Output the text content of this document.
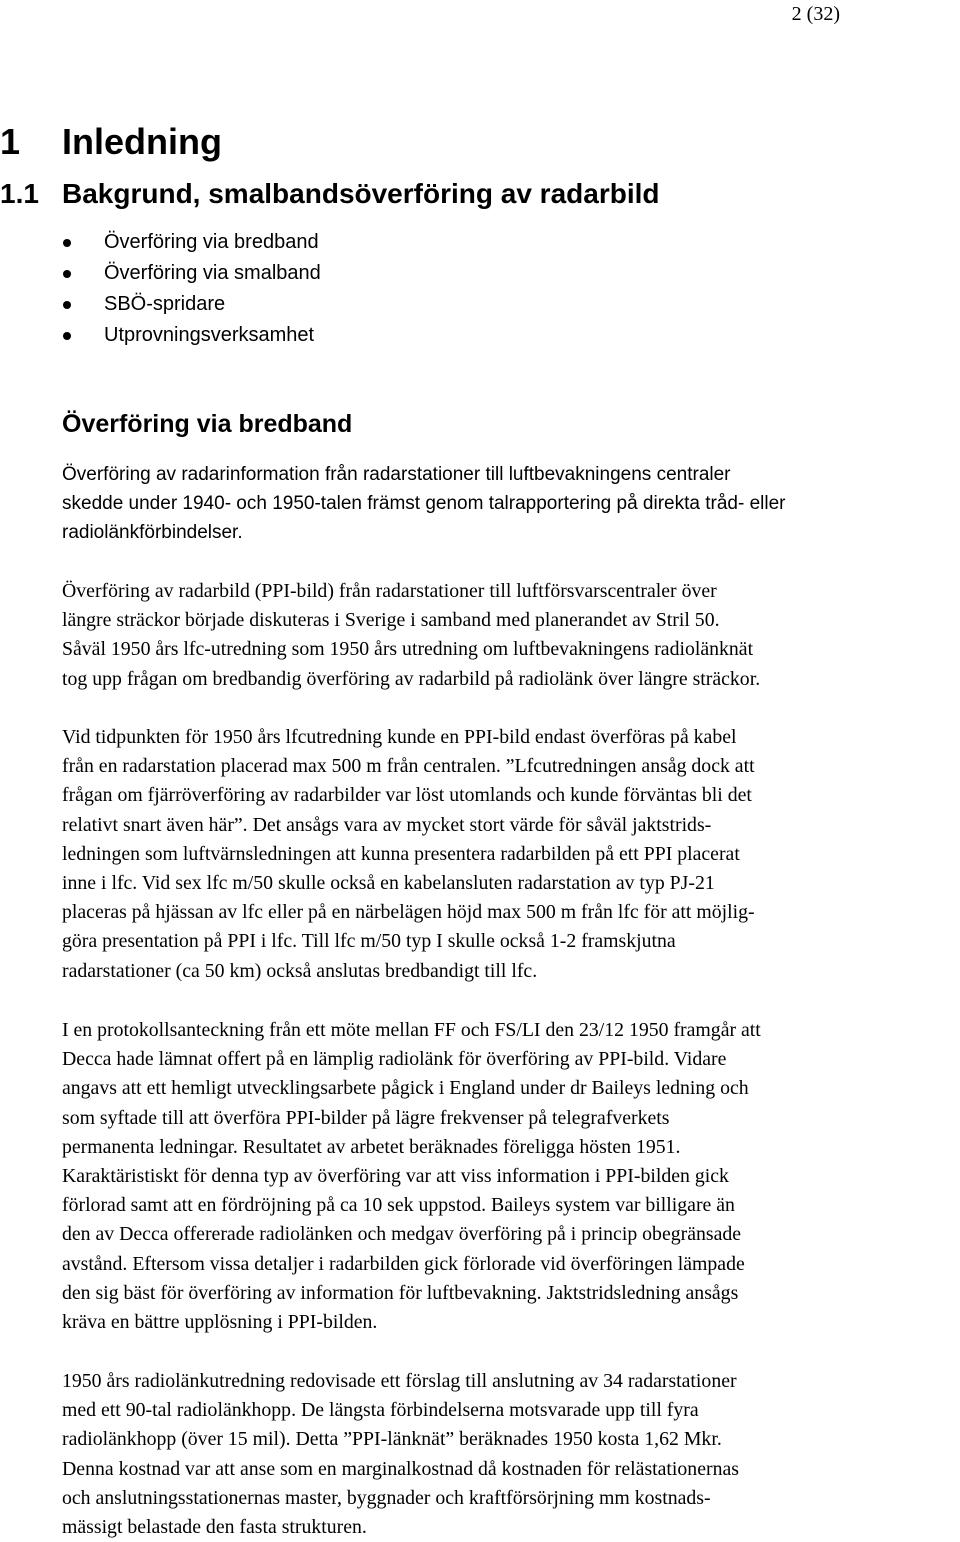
2 (32)

1 Inledning
1.1 Bakgrund, smalbandsöverföring av radarbild
Överföring via bredband
Överföring via smalband
SBÖ-spridare
Utprovningsverksamhet
Överföring via bredband

Överföring av radarinformation från radarstationer till luftbevakningens centraler
skedde under 1940- och 1950-talen främst genom talrapportering på direkta tråd- eller
radiolänkförbindelser.

Överföring av radarbild (PPI-bild) från radarstationer till luftförsvarscentraler över
längre sträckor började diskuteras i Sverige i samband med planerandet av Stril 50.
Såväl 1950 års lfc-utredning som 1950 års utredning om luftbevakningens radiolänknät
tog upp frågan om bredbandig överföring av radarbild på radiolänk över längre sträckor.

Vid tidpunkten för 1950 års lfcutredning kunde en PPI-bild endast överföras på kabel
från en radarstation placerad max 500 m från centralen. ”Lfcutredningen ansåg dock att
frågan om fjärröverföring av radarbilder var löst utomlands och kunde förväntas bli det
relativt snart även här”. Det ansågs vara av mycket stort värde för såväl jaktstrids-
ledningen som luftvärnsledningen att kunna presentera radarbilden på ett PPI placerat
inne i lfc. Vid sex lfc m/50 skulle också en kabelansluten radarstation av typ PJ-21
placeras på hjässan av lfc eller på en närbelägen höjd max 500 m från lfc för att möjlig-
göra presentation på PPI i lfc. Till lfc m/50 typ I skulle också 1-2 framskjutna
radarstationer (ca 50 km) också anslutas bredbandigt till lfc.

I en protokollsanteckning från ett möte mellan FF och FS/LI den 23/12 1950 framgår att
Decca hade lämnat offert på en lämplig radiolänk för överföring av PPI-bild. Vidare
angavs att ett hemligt utvecklingsarbete pågick i England under dr Baileys ledning och
som syftade till att överföra PPI-bilder på lägre frekvenser på telegrafverkets
permanenta ledningar. Resultatet av arbetet beräknades föreligga hösten 1951.
Karaktäristiskt för denna typ av överföring var att viss information i PPI-bilden gick
förlorad samt att en fördröjning på ca 10 sek uppstod. Baileys system var billigare än
den av Decca offererade radiolänken och medgav överföring på i princip obegränsade
avstånd. Eftersom vissa detaljer i radarbilden gick förlorade vid överföringen lämpade
den sig bäst för överföring av information för luftbevakning. Jaktstridsledning ansågs
kräva en bättre upplösning i PPI-bilden.

1950 års radiolänkutredning redovisade ett förslag till anslutning av 34 radarstationer
med ett 90-tal radiolänkhopp. De längsta förbindelserna motsvarade upp till fyra
radiolänkhopp (över 15 mil). Detta ”PPI-länknät” beräknades 1950 kosta 1,62 Mkr.
Denna kostnad var att anse som en marginalkostnad då kostnaden för relästationernas
och anslutningsstationernas master, byggnader och kraftförsörjning mm kostnads-
mässigt belastade den fasta strukturen.
